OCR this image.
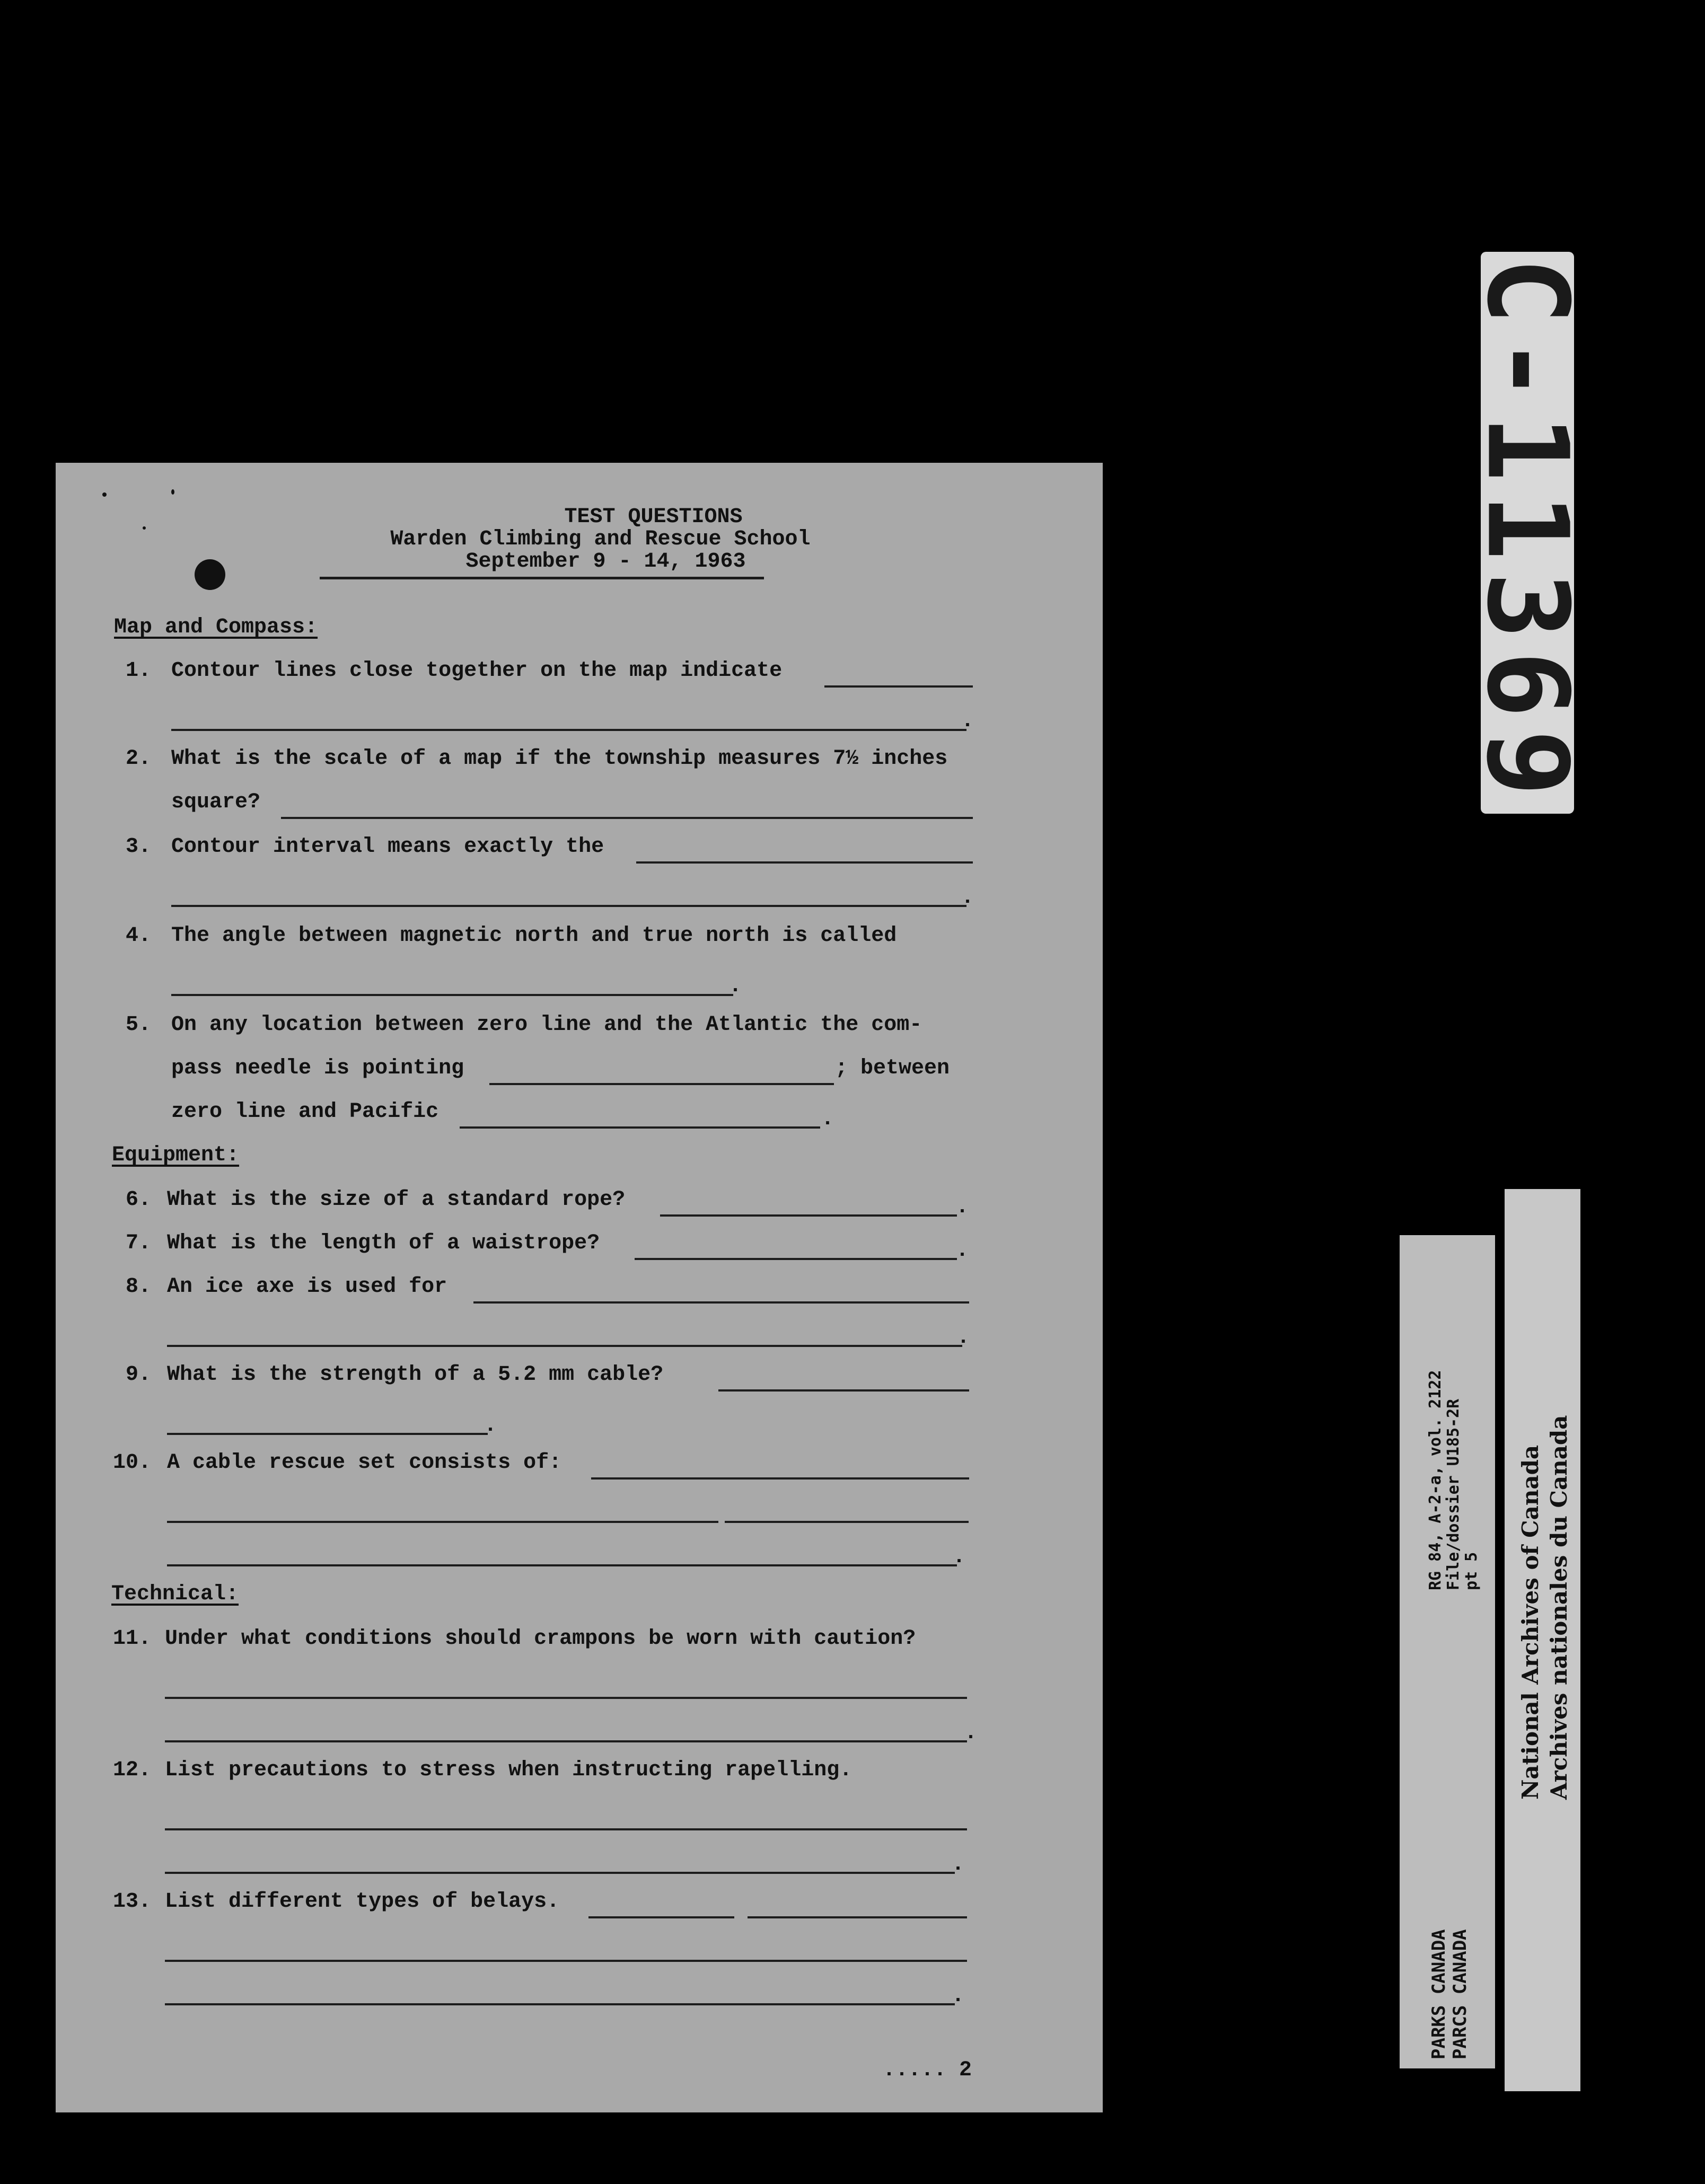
TEST QUESTIONS
Warden Climbing and Rescue School
September 9 - 14, 1963
Map and Compass:
1. Contour lines close together on the map indicate
.
2. What is the scale of a map if the township measures 7½ inches
square?
3. Contour interval means exactly the
.
4. The angle between magnetic north and true north is called
.
5. On any location between zero line and the Atlantic the com-
pass needle is pointing	; between
zero line and Pacific	.
Equipment:
6. What is the size of a standard rope?	.
7. What is the length of a waistrope?	.
8. An ice axe is used for
.
9. What is the strength of a 5.2 mm cable?
.
10. A cable rescue set consists of:
.
Technical:
11. Under what conditions should crampons be worn with caution?
.
12. List precautions to stress when instructing rapelling.
.
13. List different types of belays.
.
..... 2
C-11369
PARKS CANADA PARCS CANADA
RG 84, A-2-a, vol. 2122 File/dossier U185-2R pt 5 National Archives of Canada Archives nationales du Canada
